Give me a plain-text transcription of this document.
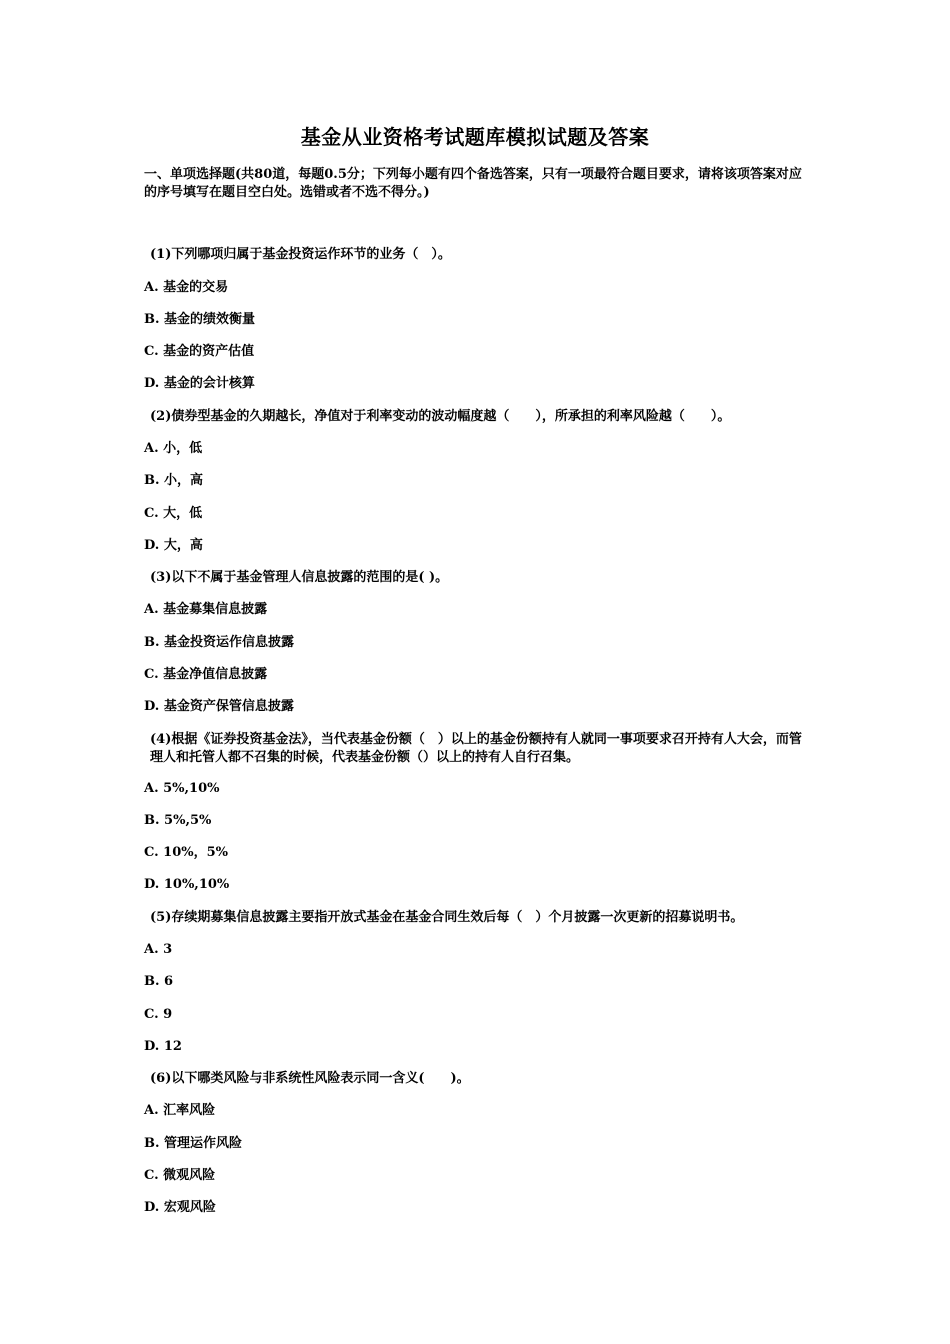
基金从业资格考试题库模拟试题及答案
一、单项选择题(共80道，每题0.5分；下列每小题有四个备选答案，只有一项最符合题目要求，请将该项答案对应的序号填写在题目空白处。选错或者不选不得分。)
(1)下列哪项归属于基金投资运作环节的业务（　）。
A. 基金的交易
B. 基金的绩效衡量
C. 基金的资产估值
D. 基金的会计核算
(2)债券型基金的久期越长，净值对于利率变动的波动幅度越（　　），所承担的利率风险越（　　）。
A. 小，低
B. 小，高
C. 大，低
D. 大，高
(3)以下不属于基金管理人信息披露的范围的是( )。
A. 基金募集信息披露
B. 基金投资运作信息披露
C. 基金净值信息披露
D. 基金资产保管信息披露
(4)根据《证券投资基金法》，当代表基金份额（　）以上的基金份额持有人就同一事项要求召开持有人大会，而管理人和托管人都不召集的时候，代表基金份额（）以上的持有人自行召集。
A. 5%,10%
B. 5%,5%
C. 10%，5%
D. 10%,10%
(5)存续期募集信息披露主要指开放式基金在基金合同生效后每（　）个月披露一次更新的招募说明书。
A. 3
B. 6
C. 9
D. 12
(6)以下哪类风险与非系统性风险表示同一含义(　　)。
A. 汇率风险
B. 管理运作风险
C. 微观风险
D. 宏观风险
